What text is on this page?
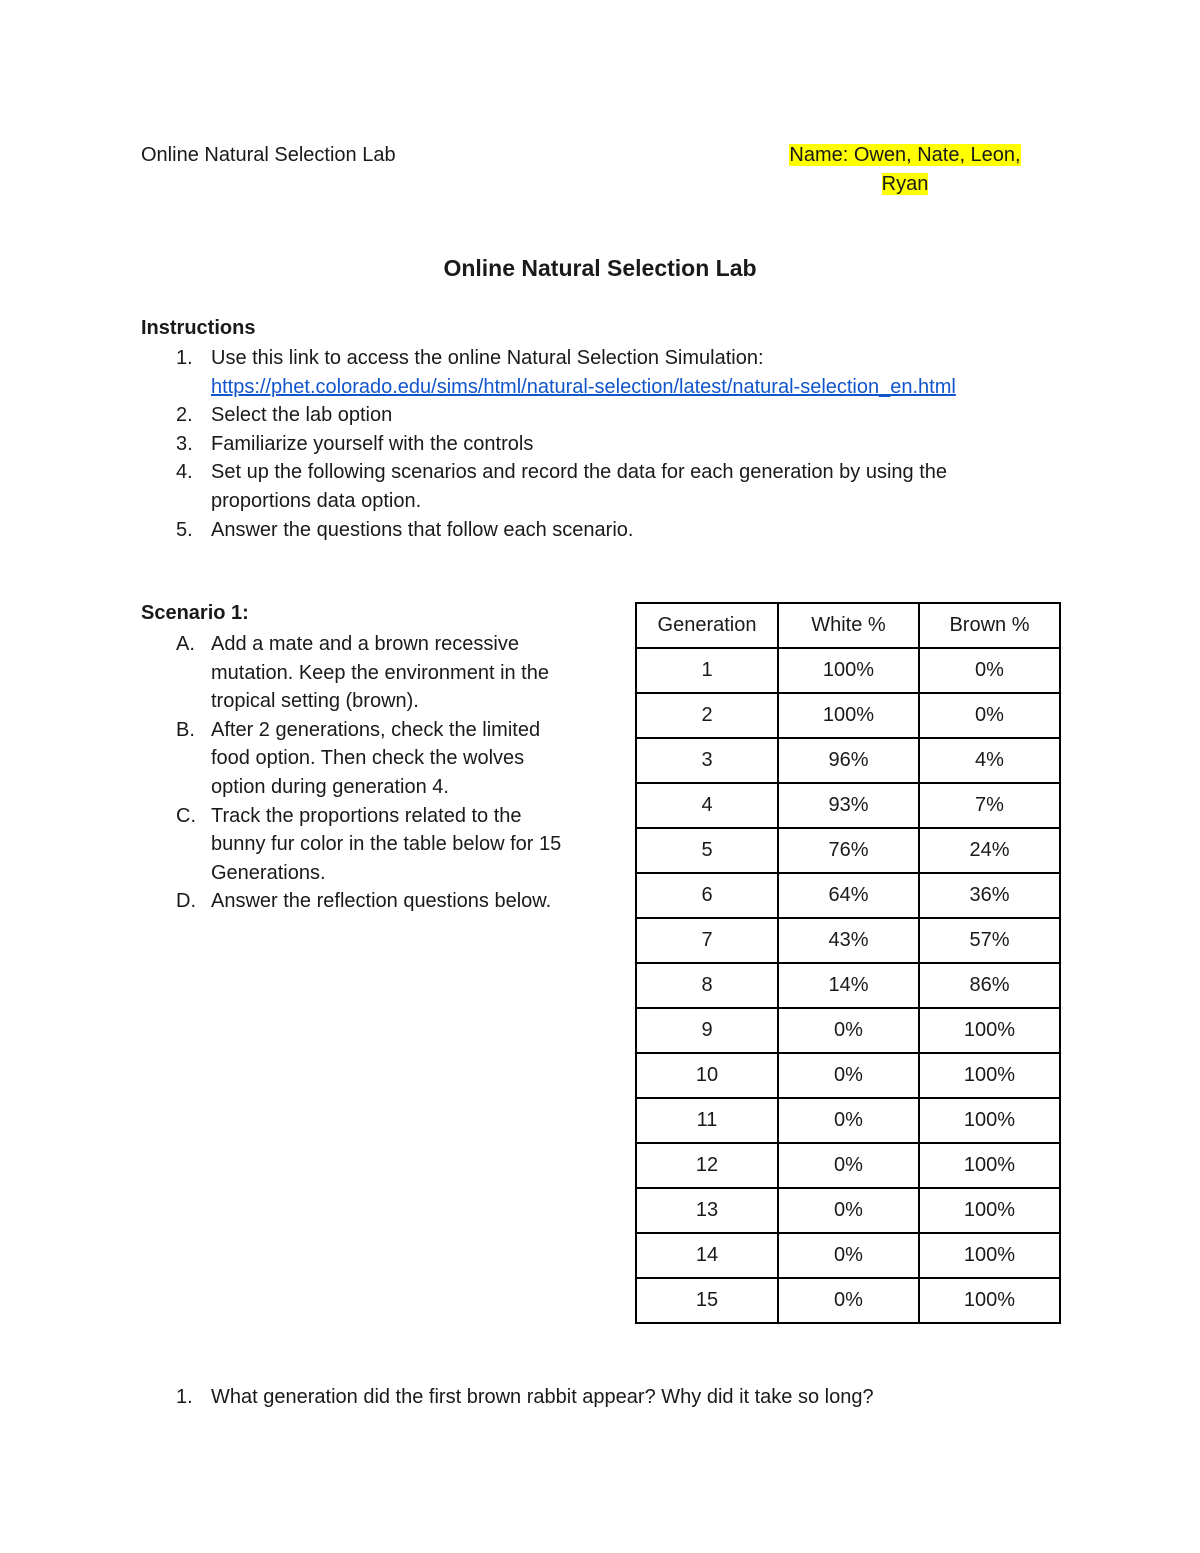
Online Natural Selection Lab	Name: Owen, Nate, Leon,
Ryan
Online Natural Selection Lab
Instructions
1. Use this link to access the online Natural Selection Simulation:
https://phet.colorado.edu/sims/html/natural-selection/latest/natural-selection_en.html
2. Select the lab option
3. Familiarize yourself with the controls
4. Set up the following scenarios and record the data for each generation by using the proportions data option.
5. Answer the questions that follow each scenario.
Scenario 1:
A. Add a mate and a brown recessive mutation. Keep the environment in the tropical setting (brown).
B. After 2 generations, check the limited food option. Then check the wolves option during generation 4.
C. Track the proportions related to the bunny fur color in the table below for 15 Generations.
D. Answer the reflection questions below.
Generation	White %	Brown %
1	100%	0%
2	100%	0%
3	96%	4%
4	93%	7%
5	76%	24%
6	64%	36%
7	43%	57%
8	14%	86%
9	0%	100%
10	0%	100%
11	0%	100%
12	0%	100%
13	0%	100%
14	0%	100%
15	0%	100%
1. What generation did the first brown rabbit appear? Why did it take so long?
